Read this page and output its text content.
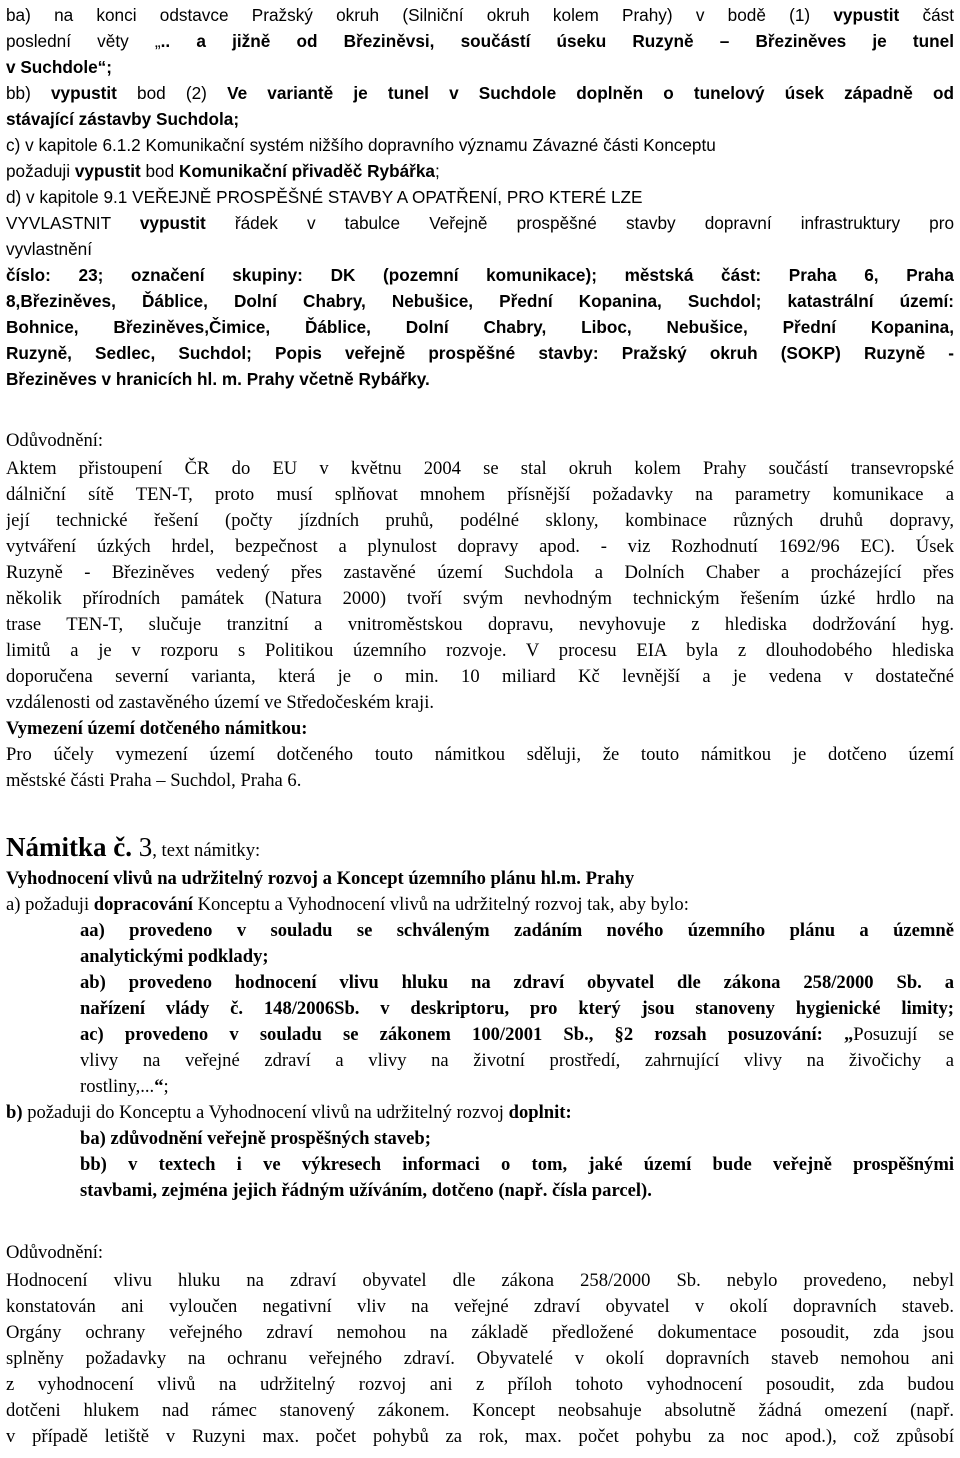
ba) na konci odstavce Pražský okruh (Silniční okruh kolem Prahy) v bodě (1) vypustit část
poslední věty „.. a jižně od Březiněvsi, součástí úseku Ruzyně – Březiněves je tunel
v Suchdole“;
bb) vypustit bod (2) Ve variantě je tunel v Suchdole doplněn o tunelový úsek západně od
stávající zástavby Suchdola;
c) v kapitole 6.1.2 Komunikační systém nižšího dopravního významu Závazné části Konceptu
požaduji vypustit bod Komunikační přivaděč Rybářka;
d) v kapitole 9.1 VEŘEJNĚ PROSPĚŠNÉ STAVBY A OPATŘENÍ, PRO KTERÉ LZE
VYVLASTNIT vypustit řádek v tabulce Veřejně prospěšné stavby dopravní infrastruktury pro
vyvlastnění
číslo: 23; označení skupiny: DK (pozemní komunikace); městská část: Praha 6, Praha
8,Březiněves, Ďáblice, Dolní Chabry, Nebušice, Přední Kopanina, Suchdol; katastrální území:
Bohnice, Březiněves,Čimice, Ďáblice, Dolní Chabry, Liboc, Nebušice, Přední Kopanina,
Ruzyně, Sedlec, Suchdol; Popis veřejně prospěšné stavby: Pražský okruh (SOKP) Ruzyně -
Březiněves v hranicích hl. m. Prahy včetně Rybářky.
Odůvodnění:
Aktem přistoupení ČR do EU v květnu 2004 se stal okruh kolem Prahy součástí transevropské
dálniční sítě TEN-T, proto musí splňovat mnohem přísnější požadavky na parametry komunikace a
její technické řešení (počty jízdních pruhů, podélné sklony, kombinace různých druhů dopravy,
vytváření úzkých hrdel, bezpečnost a plynulost dopravy apod. - viz Rozhodnutí 1692/96 EC). Úsek
Ruzyně - Březiněves vedený přes zastavěné území Suchdola a Dolních Chaber a procházející přes
několik přírodních památek (Natura 2000) tvoří svým nevhodným technickým řešením úzké hrdlo na
trase TEN-T, slučuje tranzitní a vnitroměstskou dopravu, nevyhovuje z hlediska dodržování hyg.
limitů a je v rozporu s Politikou územního rozvoje. V procesu EIA byla z dlouhodobého hlediska
doporučena severní varianta, která je o min. 10 miliard Kč levnější a je vedena v dostatečné
vzdálenosti od zastavěného území ve Středočeském kraji.
Vymezení území dotčeného námitkou:
Pro účely vymezení území dotčeného touto námitkou sděluji, že touto námitkou je dotčeno území
městské části Praha – Suchdol, Praha 6.
Námitka č. 3, text námitky:
Vyhodnocení vlivů na udržitelný rozvoj a Koncept územního plánu hl.m. Prahy
a) požaduji dopracování Konceptu a Vyhodnocení vlivů na udržitelný rozvoj tak, aby bylo:
aa) provedeno v souladu se schváleným zadáním nového územního plánu a územně
analytickými podklady;
ab) provedeno hodnocení vlivu hluku na zdraví obyvatel dle zákona 258/2000 Sb. a
nařízení vlády č. 148/2006Sb. v deskriptoru, pro který jsou stanoveny hygienické limity;
ac) provedeno v souladu se zákonem 100/2001 Sb., §2 rozsah posuzování: „Posuzují se
vlivy na veřejné zdraví a vlivy na životní prostředí, zahrnující vlivy na živočichy a
rostliny,...“;
b) požaduji do Konceptu a Vyhodnocení vlivů na udržitelný rozvoj doplnit:
ba) zdůvodnění veřejně prospěšných staveb;
bb) v textech i ve výkresech informaci o tom, jaké území bude veřejně prospěšnými
stavbami, zejména jejich řádným užíváním, dotčeno (např. čísla parcel).
Odůvodnění:
Hodnocení vlivu hluku na zdraví obyvatel dle zákona 258/2000 Sb. nebylo provedeno, nebyl
konstatován ani vyloučen negativní vliv na veřejné zdraví obyvatel v okolí dopravních staveb.
Orgány ochrany veřejného zdraví nemohou na základě předložené dokumentace posoudit, zda jsou
splněny požadavky na ochranu veřejného zdraví. Obyvatelé v okolí dopravních staveb nemohou ani
z vyhodnocení vlivů na udržitelný rozvoj ani z příloh tohoto vyhodnocení posoudit, zda budou
dotčeni hlukem nad rámec stanovený zákonem. Koncept neobsahuje absolutně žádná omezení (např.
v případě letiště v Ruzyni max. počet pohybů za rok, max. počet pohybu za noc apod.), což způsobí
